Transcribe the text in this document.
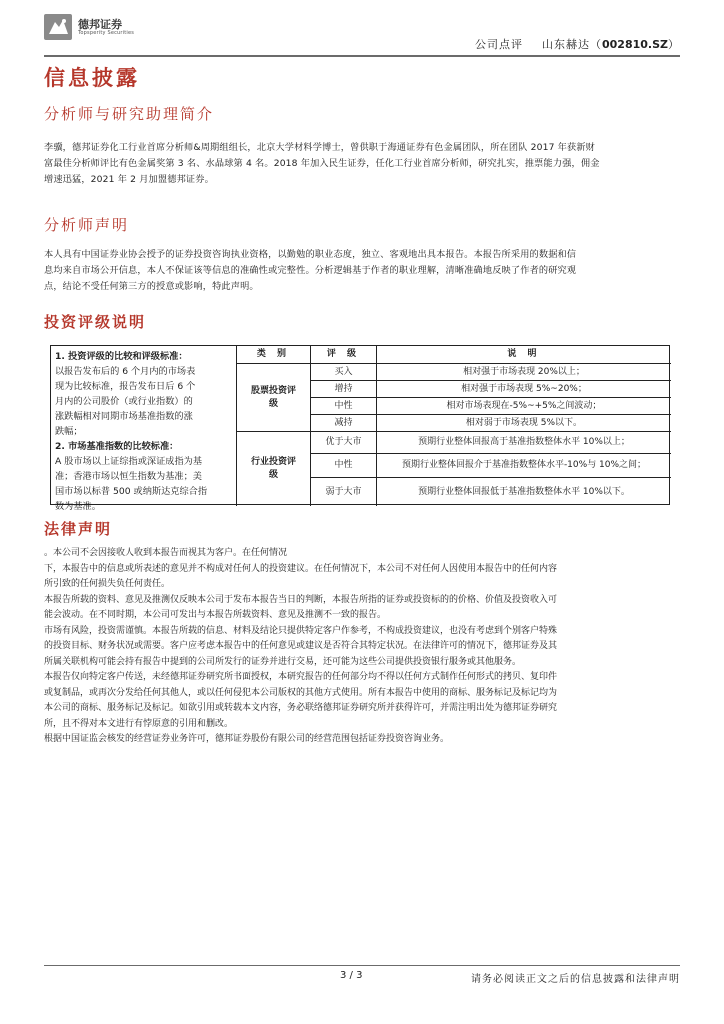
德邦证券
Topsperity Securities
公司点评 山东赫达（002810.SZ）
信息披露
分析师与研究助理简介
李骥，德邦证券化工行业首席分析师&周期组组长，北京大学材料学博士，曾供职于海通证券有色金属团队，所在团队 2017 年获新财
富最佳分析师评比有色金属奖第 3 名、水晶球第 4 名。2018 年加入民生证券，任化工行业首席分析师，研究扎实，推票能力强，佣金
增速迅猛，2021 年 2 月加盟德邦证券。
分析师声明
本人具有中国证券业协会授予的证券投资咨询执业资格，以勤勉的职业态度，独立、客观地出具本报告。本报告所采用的数据和信
息均来自市场公开信息，本人不保证该等信息的准确性或完整性。分析逻辑基于作者的职业理解，清晰准确地反映了作者的研究观
点，结论不受任何第三方的授意或影响，特此声明。
投资评级说明
1. 投资评级的比较和评级标准：
以报告发布后的 6 个月内的市场表
现为比较标准，报告发布日后 6 个
月内的公司股价（或行业指数）的
涨跌幅相对同期市场基准指数的涨
跌幅；
2. 市场基准指数的比较标准：
A 股市场以上证综指或深证成指为基
准；香港市场以恒生指数为基准；美
国市场以标普 500 或纳斯达克综合指
数为基准。
类 别	评 级	说 明
股票投资评级
买入	相对强于市场表现 20%以上；
增持	相对强于市场表现 5%~20%；
中性	相对市场表现在-5%~+5%之间波动；
减持	相对弱于市场表现 5%以下。
行业投资评级
优于大市	预期行业整体回报高于基准指数整体水平 10%以上；
中性	预期行业整体回报介于基准指数整体水平-10%与 10%之间；
弱于大市	预期行业整体回报低于基准指数整体水平 10%以下。
法律声明
。本公司不会因接收人收到本报告而视其为客户。在任何情况
下，本报告中的信息或所表述的意见并不构成对任何人的投资建议。在任何情况下，本公司不对任何人因使用本报告中的任何内容
所引致的任何损失负任何责任。
本报告所载的资料、意见及推测仅反映本公司于发布本报告当日的判断，本报告所指的证券或投资标的的价格、价值及投资收入可
能会波动。在不同时期，本公司可发出与本报告所载资料、意见及推测不一致的报告。
市场有风险，投资需谨慎。本报告所载的信息、材料及结论只提供特定客户作参考，不构成投资建议，也没有考虑到个别客户特殊
的投资目标、财务状况或需要。客户应考虑本报告中的任何意见或建议是否符合其特定状况。在法律许可的情况下，德邦证券及其
所属关联机构可能会持有报告中提到的公司所发行的证券并进行交易，还可能为这些公司提供投资银行服务或其他服务。
本报告仅向特定客户传送，未经德邦证券研究所书面授权，本研究报告的任何部分均不得以任何方式制作任何形式的拷贝、复印件
或复制品，或再次分发给任何其他人，或以任何侵犯本公司版权的其他方式使用。所有本报告中使用的商标、服务标记及标记均为
本公司的商标、服务标记及标记。如欲引用或转载本文内容，务必联络德邦证券研究所并获得许可，并需注明出处为德邦证券研究
所，且不得对本文进行有悖原意的引用和删改。
根据中国证监会核发的经营证券业务许可，德邦证券股份有限公司的经营范围包括证券投资咨询业务。
3 / 3	请务必阅读正文之后的信息披露和法律声明
